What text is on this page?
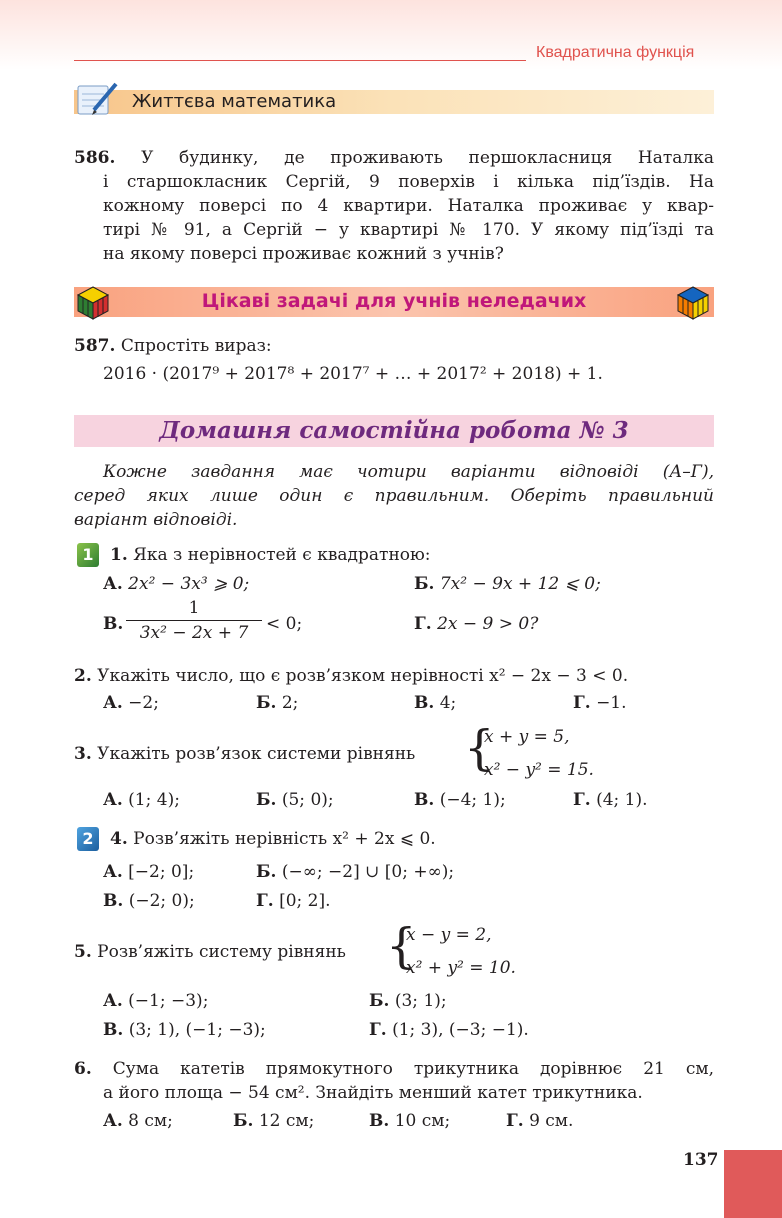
Квадратична функція
Життєва математика
586. У будинку, де проживають першокласниця Наталка
і старшокласник Сергій, 9 поверхів і кілька під’їздів. На
кожному поверсі по 4 квартири. Наталка проживає у квар-
тирі № 91, а Сергій − у квартирі № 170. У якому під’їзді та
на якому поверсі проживає кожний з учнів?
Цікаві задачі для учнів неледачих
587. Спростіть вираз:
2016 · (2017⁹ + 2017⁸ + 2017⁷ + … + 2017² + 2018) + 1.
Домашня самостійна робота № 3
Кожне завдання має чотири варіанти відповіді (А–Г),
серед яких лише один є правильним. Оберіть правильний
варіант відповіді.
1 1. Яка з нерівностей є квадратною:
А. 2x² − 3x³ ⩾ 0;	Б. 7x² − 9x + 12 ⩽ 0;
В.
1
3x² − 2x + 7 < 0;	Г. 2x − 9 > 0?
2. Укажіть число, що є розв’язком нерівності x² − 2x − 3 < 0.
А. −2;	Б. 2;	В. 4;	Г. −1.
3. Укажіть розв’язок системи рівнянь {
x + y = 5,
x² − y² = 15.
А. (1; 4);	Б. (5; 0);	В. (−4; 1);	Г. (4; 1).
2 4. Розв’яжіть нерівність x² + 2x ⩽ 0.
А. [−2; 0];	Б. (−∞; −2] ∪ [0; +∞);
В. (−2; 0);	Г. [0; 2].
5. Розв’яжіть систему рівнянь {
x − y = 2,
x² + y² = 10.
А. (−1; −3);	Б. (3; 1);
В. (3; 1), (−1; −3);	Г. (1; 3), (−3; −1).
6. Сума катетів прямокутного трикутника дорівнює 21 см,
а його площа − 54 см². Знайдіть менший катет трикутника.
А. 8 см;	Б. 12 см;	В. 10 см;	Г. 9 см.
137
